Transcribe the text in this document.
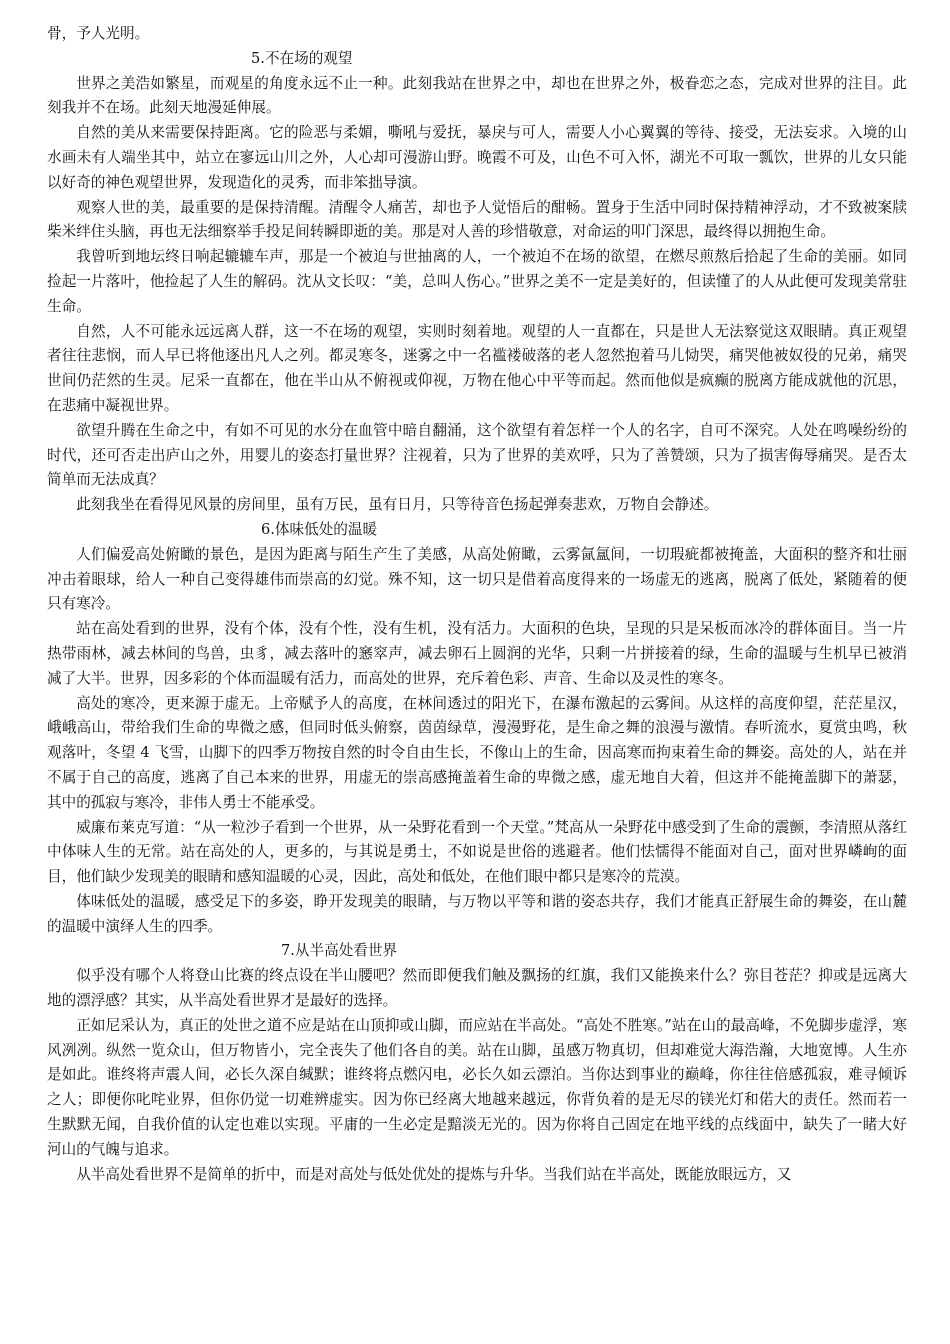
骨，予人光明。

5.不在场的观望

世界之美浩如繁星，而观星的角度永远不止一种。此刻我站在世界之中，却也在世界之外，极眷恋之态，完成对世界的注目。此刻我并不在场。此刻天地漫延伸展。

自然的美从来需要保持距离。它的险恶与柔媚，嘶吼与爱抚，暴戾与可人，需要人小心翼翼的等待、接受，无法妄求。入境的山水画未有人端坐其中，站立在寥远山川之外，人心却可漫游山野。晚霞不可及，山色不可入怀，湖光不可取一瓢饮，世界的儿女只能以好奇的神色观望世界，发现造化的灵秀，而非笨拙导演。

观察人世的美，最重要的是保持清醒。清醒令人痛苦，却也予人觉悟后的酣畅。置身于生活中同时保持精神浮动，才不致被案牍柴米绊住头脑，再也无法细察举手投足间转瞬即逝的美。那是对人善的珍惜敬意，对命运的叩门深思，最终得以拥抱生命。

我曾听到地坛终日响起辘辘车声，那是一个被迫与世抽离的人，一个被迫不在场的欲望，在燃尽煎熬后拾起了生命的美丽。如同捡起一片落叶，他捡起了人生的解码。沈从文长叹：“美，总叫人伤心。”世界之美不一定是美好的，但读懂了的人从此便可发现美常驻生命。

自然，人不可能永远远离人群，这一不在场的观望，实则时刻着地。观望的人一直都在，只是世人无法察觉这双眼睛。真正观望者往往悲悯，而人早已将他逐出凡人之列。都灵寒冬，迷雾之中一名褴褛破落的老人忽然抱着马儿恸哭，痛哭他被奴役的兄弟，痛哭世间仍茫然的生灵。尼采一直都在，他在半山从不俯视或仰视，万物在他心中平等而起。然而他似是疯癫的脱离方能成就他的沉思，在悲痛中凝视世界。

欲望升腾在生命之中，有如不可见的水分在血管中暗自翻涌，这个欲望有着怎样一个人的名字，自可不深究。人处在鸣噪纷纷的时代，还可否走出庐山之外，用婴儿的姿态打量世界？注视着，只为了世界的美欢呼，只为了善赞颂，只为了损害侮辱痛哭。是否太简单而无法成真？

此刻我坐在看得见风景的房间里，虽有万民，虽有日月，只等待音色扬起弹奏悲欢，万物自会静述。

6.体味低处的温暖

人们偏爱高处俯瞰的景色，是因为距离与陌生产生了美感，从高处俯瞰，云雾氤氲间，一切瑕疵都被掩盖，大面积的整齐和壮丽冲击着眼球，给人一种自己变得雄伟而崇高的幻觉。殊不知，这一切只是借着高度得来的一场虚无的逃离，脱离了低处，紧随着的便只有寒冷。

站在高处看到的世界，没有个体，没有个性，没有生机，没有活力。大面积的色块，呈现的只是呆板而冰冷的群体面目。当一片热带雨林，减去林间的鸟兽，虫豸，减去落叶的窸窣声，减去卵石上圆润的光华，只剩一片拼接着的绿，生命的温暖与生机早已被消减了大半。世界，因多彩的个体而温暖有活力，而高处的世界，充斥着色彩、声音、生命以及灵性的寒冬。

高处的寒冷，更来源于虚无。上帝赋予人的高度，在林间透过的阳光下，在瀑布激起的云雾间。从这样的高度仰望，茫茫星汉，峨峨高山，带给我们生命的卑微之感，但同时低头俯察，茵茵绿草，漫漫野花，是生命之舞的浪漫与激情。春听流水，夏赏虫鸣，秋观落叶，冬望 4 飞雪，山脚下的四季万物按自然的时令自由生长，不像山上的生命，因高寒而拘束着生命的舞姿。高处的人，站在并不属于自己的高度，逃离了自己本来的世界，用虚无的崇高感掩盖着生命的卑微之感，虚无地自大着，但这并不能掩盖脚下的萧瑟，其中的孤寂与寒冷，非伟人勇士不能承受。

威廉布莱克写道：“从一粒沙子看到一个世界，从一朵野花看到一个天堂。”梵高从一朵野花中感受到了生命的震颤，李清照从落红中体味人生的无常。站在高处的人，更多的，与其说是勇士，不如说是世俗的逃避者。他们怯懦得不能面对自己，面对世界嶙峋的面目，他们缺少发现美的眼睛和感知温暖的心灵，因此，高处和低处，在他们眼中都只是寒冷的荒漠。

体味低处的温暖，感受足下的多姿，睁开发现美的眼睛，与万物以平等和谐的姿态共存，我们才能真正舒展生命的舞姿，在山麓的温暖中演绎人生的四季。

7.从半高处看世界

似乎没有哪个人将登山比赛的终点设在半山腰吧？然而即便我们触及飘扬的红旗，我们又能换来什么？弥目苍茫？抑或是远离大地的漂浮感？其实，从半高处看世界才是最好的选择。

正如尼采认为，真正的处世之道不应是站在山顶抑或山脚，而应站在半高处。“高处不胜寒。”站在山的最高峰，不免脚步虚浮，寒风冽冽。纵然一览众山，但万物皆小，完全丧失了他们各自的美。站在山脚，虽感万物真切，但却难觉大海浩瀚，大地宽博。人生亦是如此。谁终将声震人间，必长久深自缄默；谁终将点燃闪电，必长久如云漂泊。当你达到事业的巅峰，你往往倍感孤寂，难寻倾诉之人；即便你叱咤业界，但你仍觉一切难辨虚实。因为你已经离大地越来越远，你背负着的是无尽的镁光灯和偌大的责任。然而若一生默默无闻，自我价值的认定也难以实现。平庸的一生必定是黯淡无光的。因为你将自己固定在地平线的点线面中，缺失了一睹大好河山的气魄与追求。

从半高处看世界不是简单的折中，而是对高处与低处优处的提炼与升华。当我们站在半高处，既能放眼远方，又
